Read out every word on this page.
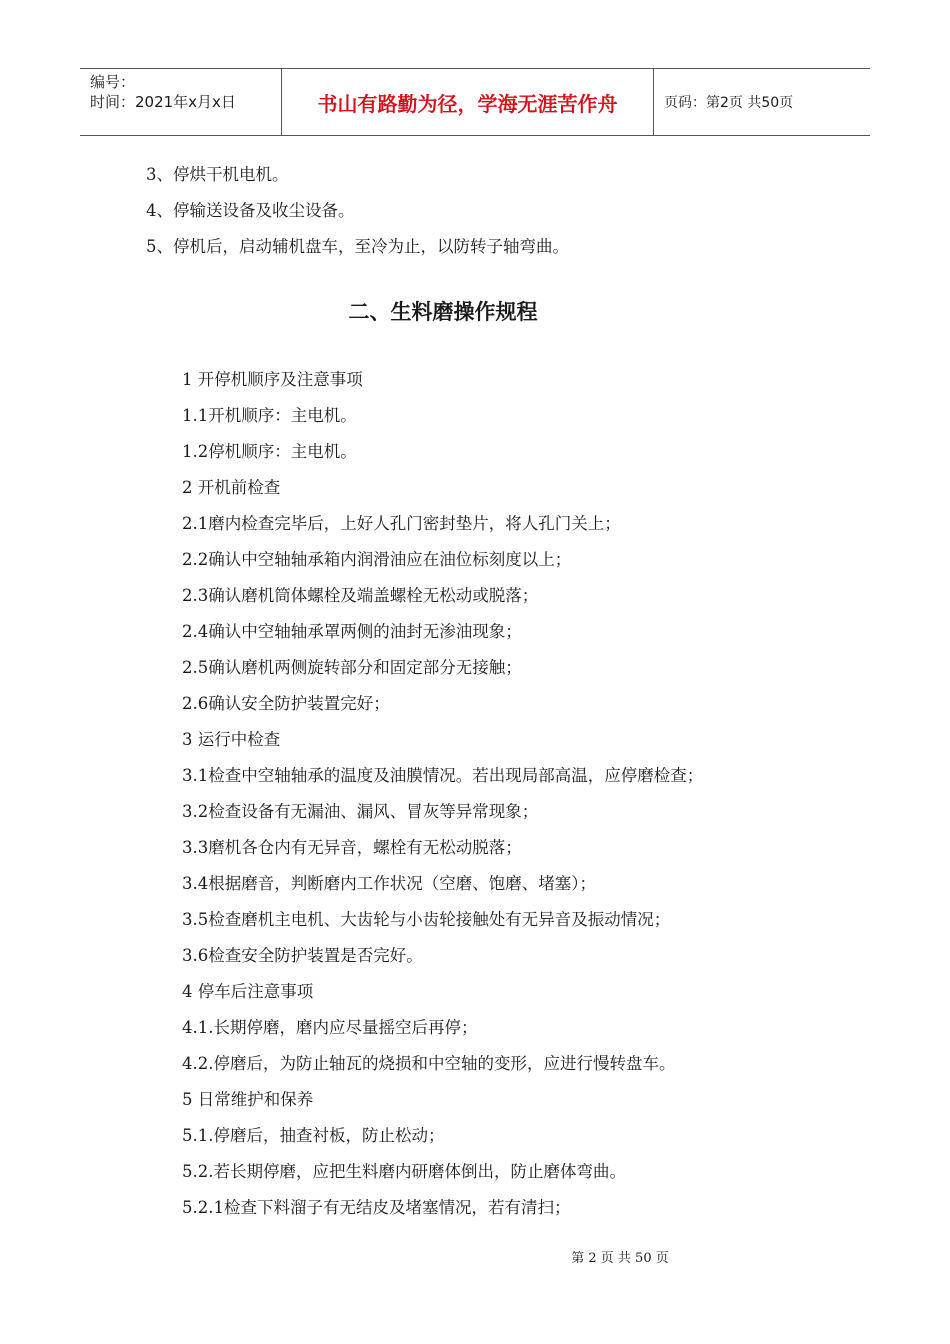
编号：
时间：2021年x月x日	书山有路勤为径，学海无涯苦作舟	页码：第2页 共50页
3、停烘干机电机。
4、停输送设备及收尘设备。
5、停机后，启动辅机盘车，至冷为止，以防转子轴弯曲。
二、生料磨操作规程
1 开停机顺序及注意事项
1.1开机顺序：主电机。
1.2停机顺序：主电机。
2 开机前检查
2.1磨内检查完毕后，上好人孔门密封垫片，将人孔门关上；
2.2确认中空轴轴承箱内润滑油应在油位标刻度以上；
2.3确认磨机筒体螺栓及端盖螺栓无松动或脱落；
2.4确认中空轴轴承罩两侧的油封无渗油现象；
2.5确认磨机两侧旋转部分和固定部分无接触；
2.6确认安全防护装置完好；
3 运行中检查
3.1检查中空轴轴承的温度及油膜情况。若出现局部高温，应停磨检查；
3.2检查设备有无漏油、漏风、冒灰等异常现象；
3.3磨机各仓内有无异音，螺栓有无松动脱落；
3.4根据磨音，判断磨内工作状况（空磨、饱磨、堵塞）；
3.5检查磨机主电机、大齿轮与小齿轮接触处有无异音及振动情况；
3.6检查安全防护装置是否完好。
4 停车后注意事项
4.1.长期停磨，磨内应尽量摇空后再停；
4.2.停磨后，为防止轴瓦的烧损和中空轴的变形，应进行慢转盘车。
5 日常维护和保养
5.1.停磨后，抽查衬板，防止松动；
5.2.若长期停磨，应把生料磨内研磨体倒出，防止磨体弯曲。
5.2.1检查下料溜子有无结皮及堵塞情况，若有清扫；
第 2 页 共 50 页
